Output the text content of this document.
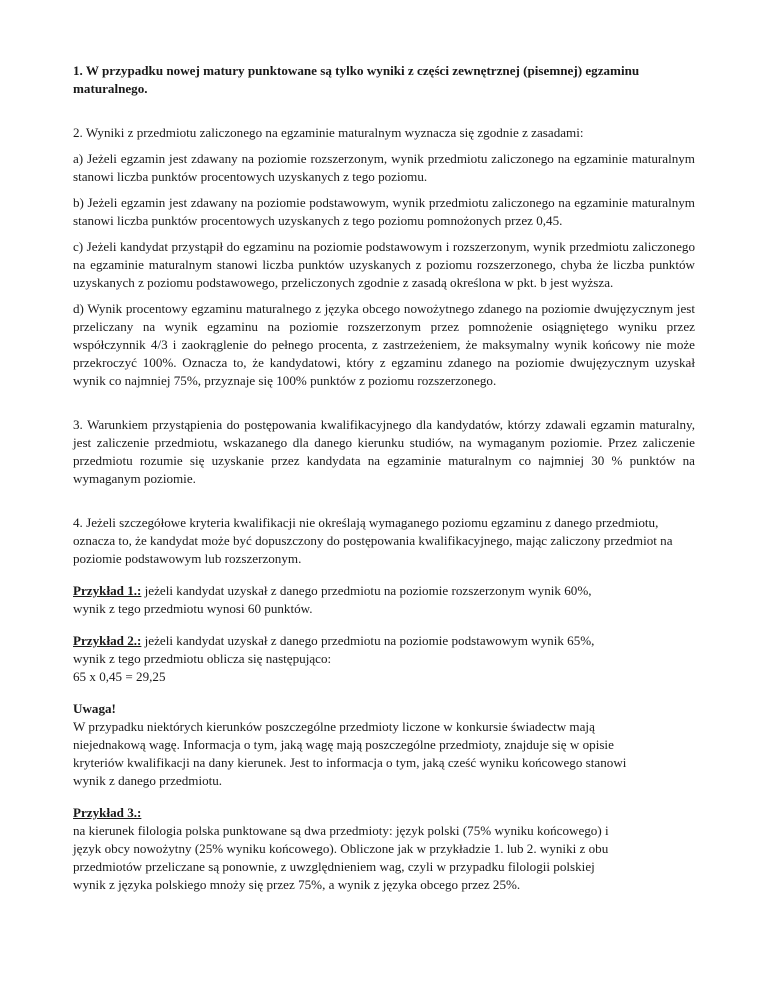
1. W przypadku nowej matury punktowane są tylko wyniki z części zewnętrznej (pisemnej) egzaminu maturalnego.

2. Wyniki z przedmiotu zaliczonego na egzaminie maturalnym wyznacza się zgodnie z zasadami:

a) Jeżeli egzamin jest zdawany na poziomie rozszerzonym, wynik przedmiotu zaliczonego na egzaminie maturalnym stanowi liczba punktów procentowych uzyskanych z tego poziomu.

b) Jeżeli egzamin jest zdawany na poziomie podstawowym, wynik przedmiotu zaliczonego na egzaminie maturalnym stanowi liczba punktów procentowych uzyskanych z tego poziomu pomnożonych przez 0,45.

c) Jeżeli kandydat przystąpił do egzaminu na poziomie podstawowym i rozszerzonym, wynik przedmiotu zaliczonego na egzaminie maturalnym stanowi liczba punktów uzyskanych z poziomu rozszerzonego, chyba że liczba punktów uzyskanych z poziomu podstawowego, przeliczonych zgodnie z zasadą określona w pkt. b jest wyższa.

d) Wynik procentowy egzaminu maturalnego z języka obcego nowożytnego zdanego na poziomie dwujęzycznym jest przeliczany na wynik egzaminu na poziomie rozszerzonym przez pomnożenie osiągniętego wyniku przez współczynnik 4/3 i zaokrąglenie do pełnego procenta, z zastrzeżeniem, że maksymalny wynik końcowy nie może przekroczyć 100%. Oznacza to, że kandydatowi, który z egzaminu zdanego na poziomie dwujęzycznym uzyskał wynik co najmniej 75%, przyznaje się 100% punktów z poziomu rozszerzonego.

3. Warunkiem przystąpienia do postępowania kwalifikacyjnego dla kandydatów, którzy zdawali egzamin maturalny, jest zaliczenie przedmiotu, wskazanego dla danego kierunku studiów, na wymaganym poziomie. Przez zaliczenie przedmiotu rozumie się uzyskanie przez kandydata na egzaminie maturalnym co najmniej 30 % punktów na wymaganym poziomie.

4. Jeżeli szczegółowe kryteria kwalifikacji nie określają wymaganego poziomu egzaminu z danego przedmiotu, oznacza to, że kandydat może być dopuszczony do postępowania kwalifikacyjnego, mając zaliczony przedmiot na poziomie podstawowym lub rozszerzonym.

Przykład 1.: jeżeli kandydat uzyskał z danego przedmiotu na poziomie rozszerzonym wynik 60%,
wynik z tego przedmiotu wynosi 60 punktów.

Przykład 2.: jeżeli kandydat uzyskał z danego przedmiotu na poziomie podstawowym wynik 65%,
wynik z tego przedmiotu oblicza się następująco:
65 x 0,45 = 29,25

Uwaga!
W przypadku niektórych kierunków poszczególne przedmioty liczone w konkursie świadectw mają
niejednakową wagę. Informacja o tym, jaką wagę mają poszczególne przedmioty, znajduje się w opisie
kryteriów kwalifikacji na dany kierunek. Jest to informacja o tym, jaką cześć wyniku końcowego stanowi
wynik z danego przedmiotu.

Przykład 3.:
na kierunek filologia polska punktowane są dwa przedmioty: język polski (75% wyniku końcowego) i
język obcy nowożytny (25% wyniku końcowego). Obliczone jak w przykładzie 1. lub 2. wyniki z obu
przedmiotów przeliczane są ponownie, z uwzględnieniem wag, czyli w przypadku filologii polskiej
wynik z języka polskiego mnoży się przez 75%, a wynik z języka obcego przez 25%.
